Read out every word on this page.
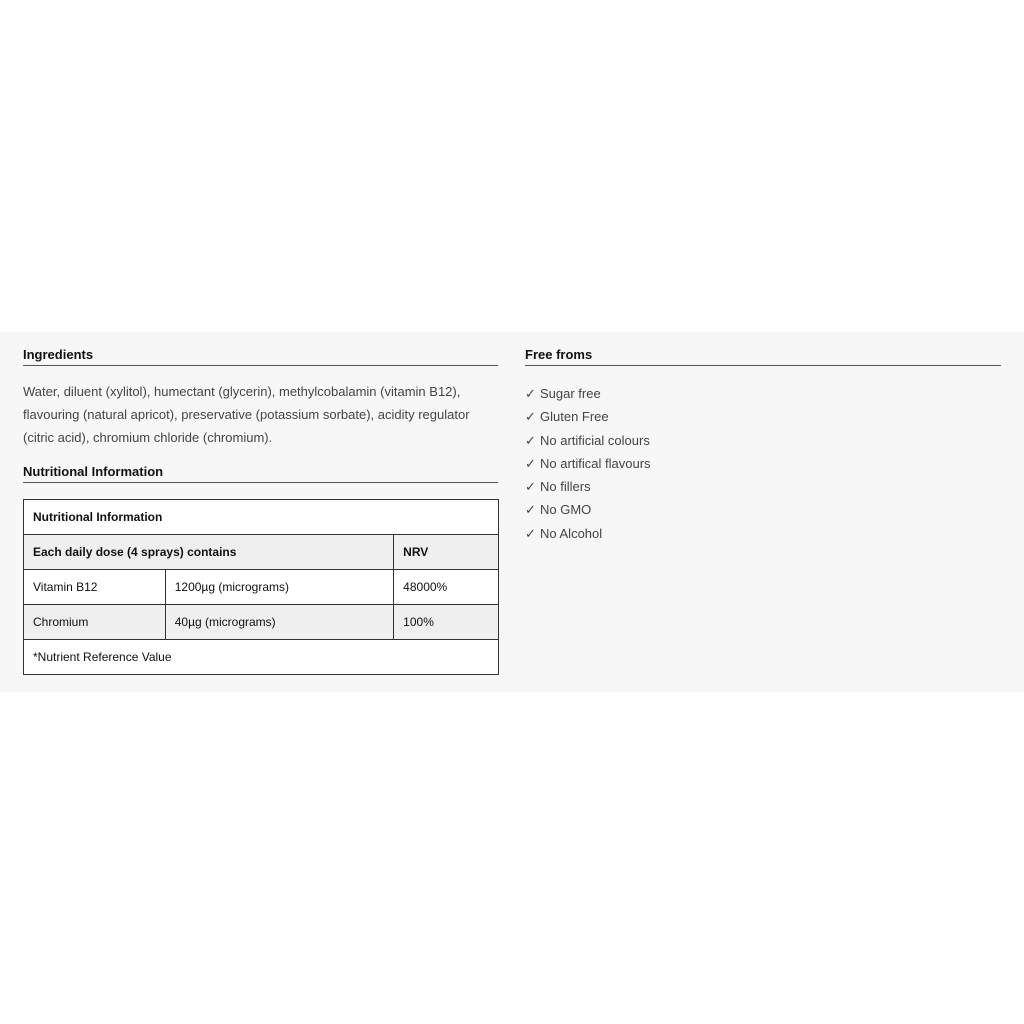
Ingredients

Water, diluent (xylitol), humectant (glycerin), methylcobalamin (vitamin B12), flavouring (natural apricot), preservative (potassium sorbate), acidity regulator (citric acid), chromium chloride (chromium).

Nutritional Information
Nutritional Information		
Each daily dose (4 sprays) contains		NRV
Vitamin B12	1200µg (micrograms)	48000%
Chromium	40µg (micrograms)	100%
*Nutrient Reference Value		
Free froms
✓ Sugar free
✓ Gluten Free
✓ No artificial colours
✓ No artifical flavours
✓ No fillers
✓ No GMO
✓ No Alcohol
